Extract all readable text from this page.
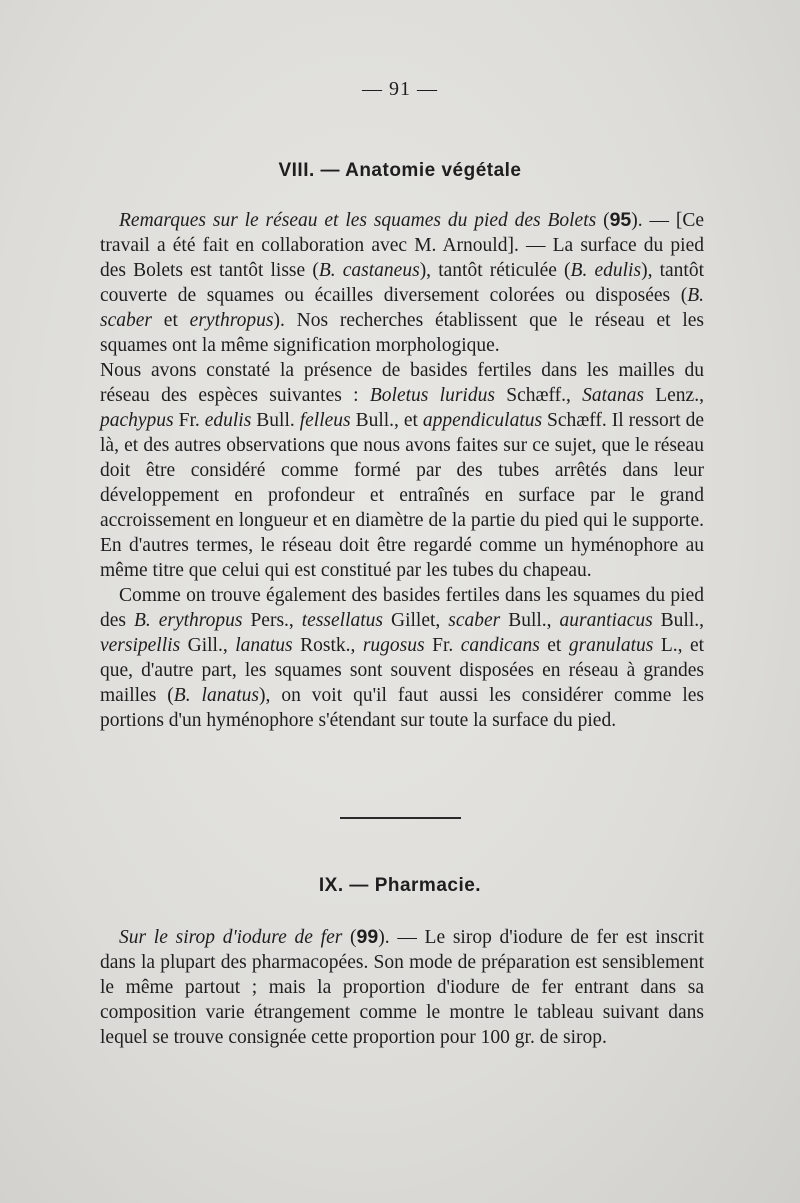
— 91 —
VIII. — Anatomie végétale

Remarques sur le réseau et les squames du pied des Bolets (95). — [Ce travail a été fait en collaboration avec M. Arnould]. — La surface du pied des Bolets est tantôt lisse (B. castaneus), tantôt réticulée (B. edulis), tantôt couverte de squames ou écailles diversement colorées ou disposées (B. scaber et erythropus). Nos recherches établissent que le réseau et les squames ont la même signification morphologique.

Nous avons constaté la présence de basides fertiles dans les mailles du réseau des espèces suivantes : Boletus luridus Schæff., Satanas Lenz., pachypus Fr. edulis Bull. felleus Bull., et appendiculatus Schæff. Il ressort de là, et des autres observations que nous avons faites sur ce sujet, que le réseau doit être considéré comme formé par des tubes arrêtés dans leur développement en profondeur et entraînés en surface par le grand accroissement en longueur et en diamètre de la partie du pied qui le supporte. En d'autres termes, le réseau doit être regardé comme un hyménophore au même titre que celui qui est constitué par les tubes du chapeau.

Comme on trouve également des basides fertiles dans les squames du pied des B. erythropus Pers., tessellatus Gillet, scaber Bull., aurantiacus Bull., versipellis Gill., lanatus Rostk., rugosus Fr. candicans et granulatus L., et que, d'autre part, les squames sont souvent disposées en réseau à grandes mailles (B. lanatus), on voit qu'il faut aussi les considérer comme les portions d'un hyménophore s'étendant sur toute la surface du pied.

IX. — Pharmacie.

Sur le sirop d'iodure de fer (99). — Le sirop d'iodure de fer est inscrit dans la plupart des pharmacopées. Son mode de préparation est sensiblement le même partout ; mais la proportion d'iodure de fer entrant dans sa composition varie étrangement comme le montre le tableau suivant dans lequel se trouve consignée cette proportion pour 100 gr. de sirop.
